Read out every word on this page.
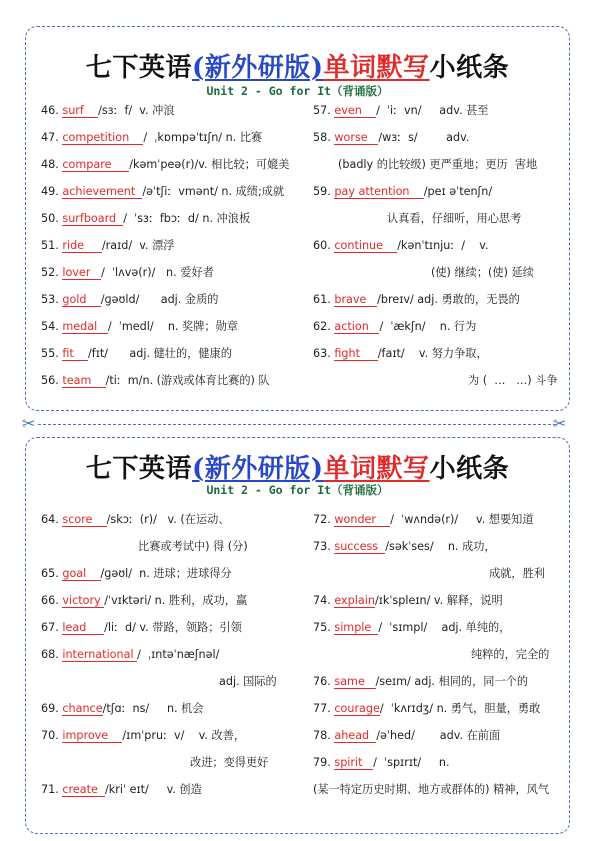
七下英语(新外研版)单词默写小纸条
Unit 2 - Go for It（背诵版）
46. surf /sɜː  f/  v. 冲浪
47. competition /  ˌkɒmpəˈtɪʃn/ n. 比赛
48. compare /kəmˈpeə(r)/v. 相比较；可媲美
49. achievement /əˈtʃiː  vmənt/ n. 成绩;成就
50. surfboard /  ˈsɜː  fbɔː  d/ n. 冲浪板
51. ride /raɪd/  v. 漂浮
52. lover /  ˈlʌvə(r)/   n. 爱好者
53. gold /ɡəʊld/      adj. 金质的
54. medal /  ˈmedl/    n. 奖牌；勋章
55. fit /fɪt/      adj. 健壮的，健康的
56. team /tiː  m/n. (游戏或体育比赛的) 队
57. even /  ˈiː  vn/     adv. 甚至
58. worse /wɜː  s/        adv.
(badly 的比较级) 更严重地；更历  害地
59. pay attention /peɪ əˈtenʃn/
认真看，仔细听，用心思考
60. continue /kənˈtɪnjuː  /    v.
(使) 继续；(使) 延续
61. brave /breɪv/ adj. 勇敢的，无畏的
62. action /  ˈækʃn/    n. 行为
63. fight /faɪt/    v. 努力争取，
为 (  …   …) 斗争
✂	✂
七下英语(新外研版)单词默写小纸条
Unit 2 - Go for It（背诵版）
64. score /skɔː  (r)/   v. (在运动、
比赛或考试中) 得 (分)
65. goal /ɡəʊl/  n. 进球；进球得分
66. victory /ˈvɪktəri/ n. 胜利，成功，赢
67. lead /liː  d/ v. 带路，领路；引领
68. international /  ˌɪntəˈnæʃnəl/
adj. 国际的
69. chance/tʃɑː  ns/     n. 机会
70. improve /ɪmˈpruː  v/    v. 改善，
改进；变得更好
71. create /kriˈ eɪt/     v. 创造
72. wonder /  ˈwʌndə(r)/     v. 想要知道
73. success /səkˈses/    n. 成功，
成就，胜利
74. explain/ɪkˈspleɪn/ v. 解释，说明
75. simple /  ˈsɪmpl/    adj. 单纯的，
纯粹的，完全的
76. same /seɪm/ adj. 相同的，同一个的
77. courage/  ˈkʌrɪdʒ/ n. 勇气，胆量，勇敢
78. ahead /əˈhed/       adv. 在前面
79. spirit /  ˈspɪrɪt/     n.
(某一特定历史时期、地方或群体的) 精神，风气
